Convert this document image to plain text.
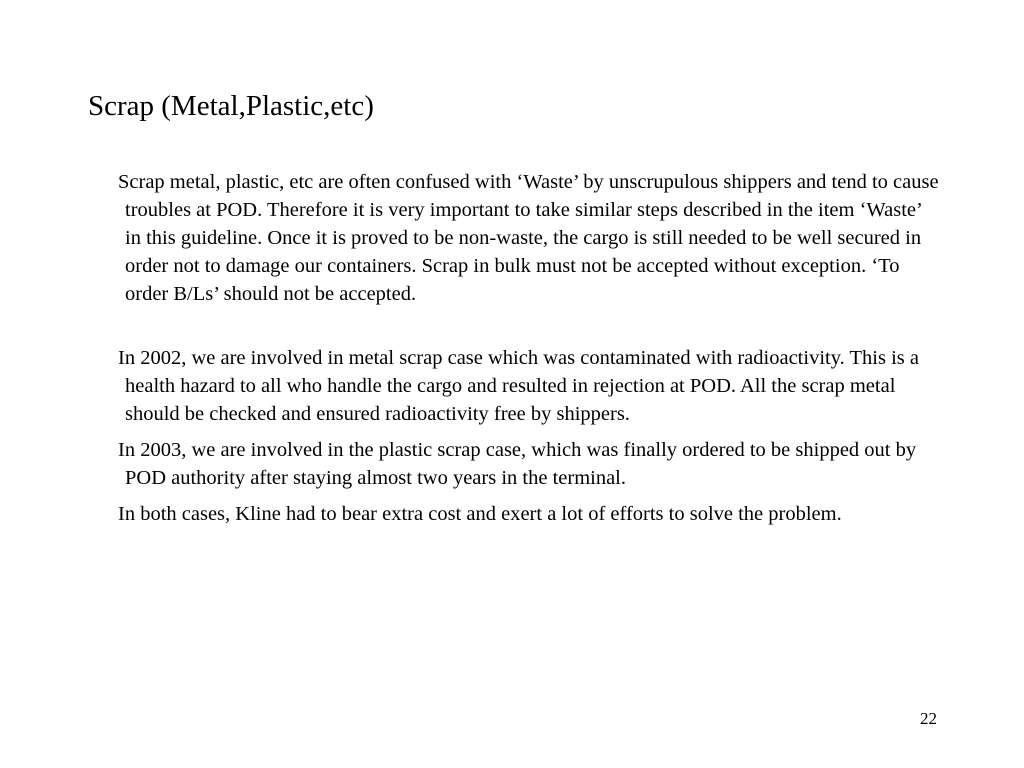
Scrap (Metal,Plastic,etc)

Scrap metal, plastic, etc are often confused with ‘Waste’ by unscrupulous shippers and tend to cause troubles at POD. Therefore it is very important to take similar steps described in the item ‘Waste’ in this guideline. Once it is proved to be non-waste, the cargo is still needed to be well secured in order not to damage our containers. Scrap in bulk must not be accepted without exception. ‘To order B/Ls’ should not be accepted.

In 2002, we are involved in metal scrap case which was contaminated with radioactivity. This is a health hazard to all who handle the cargo and resulted in rejection at POD. All the scrap metal should be checked and ensured radioactivity free by shippers.

In 2003, we are involved in the plastic scrap case, which was finally ordered to be shipped out by POD authority after staying almost two years in the terminal.

In both cases, Kline had to bear extra cost and exert a lot of efforts to solve the problem.

22
